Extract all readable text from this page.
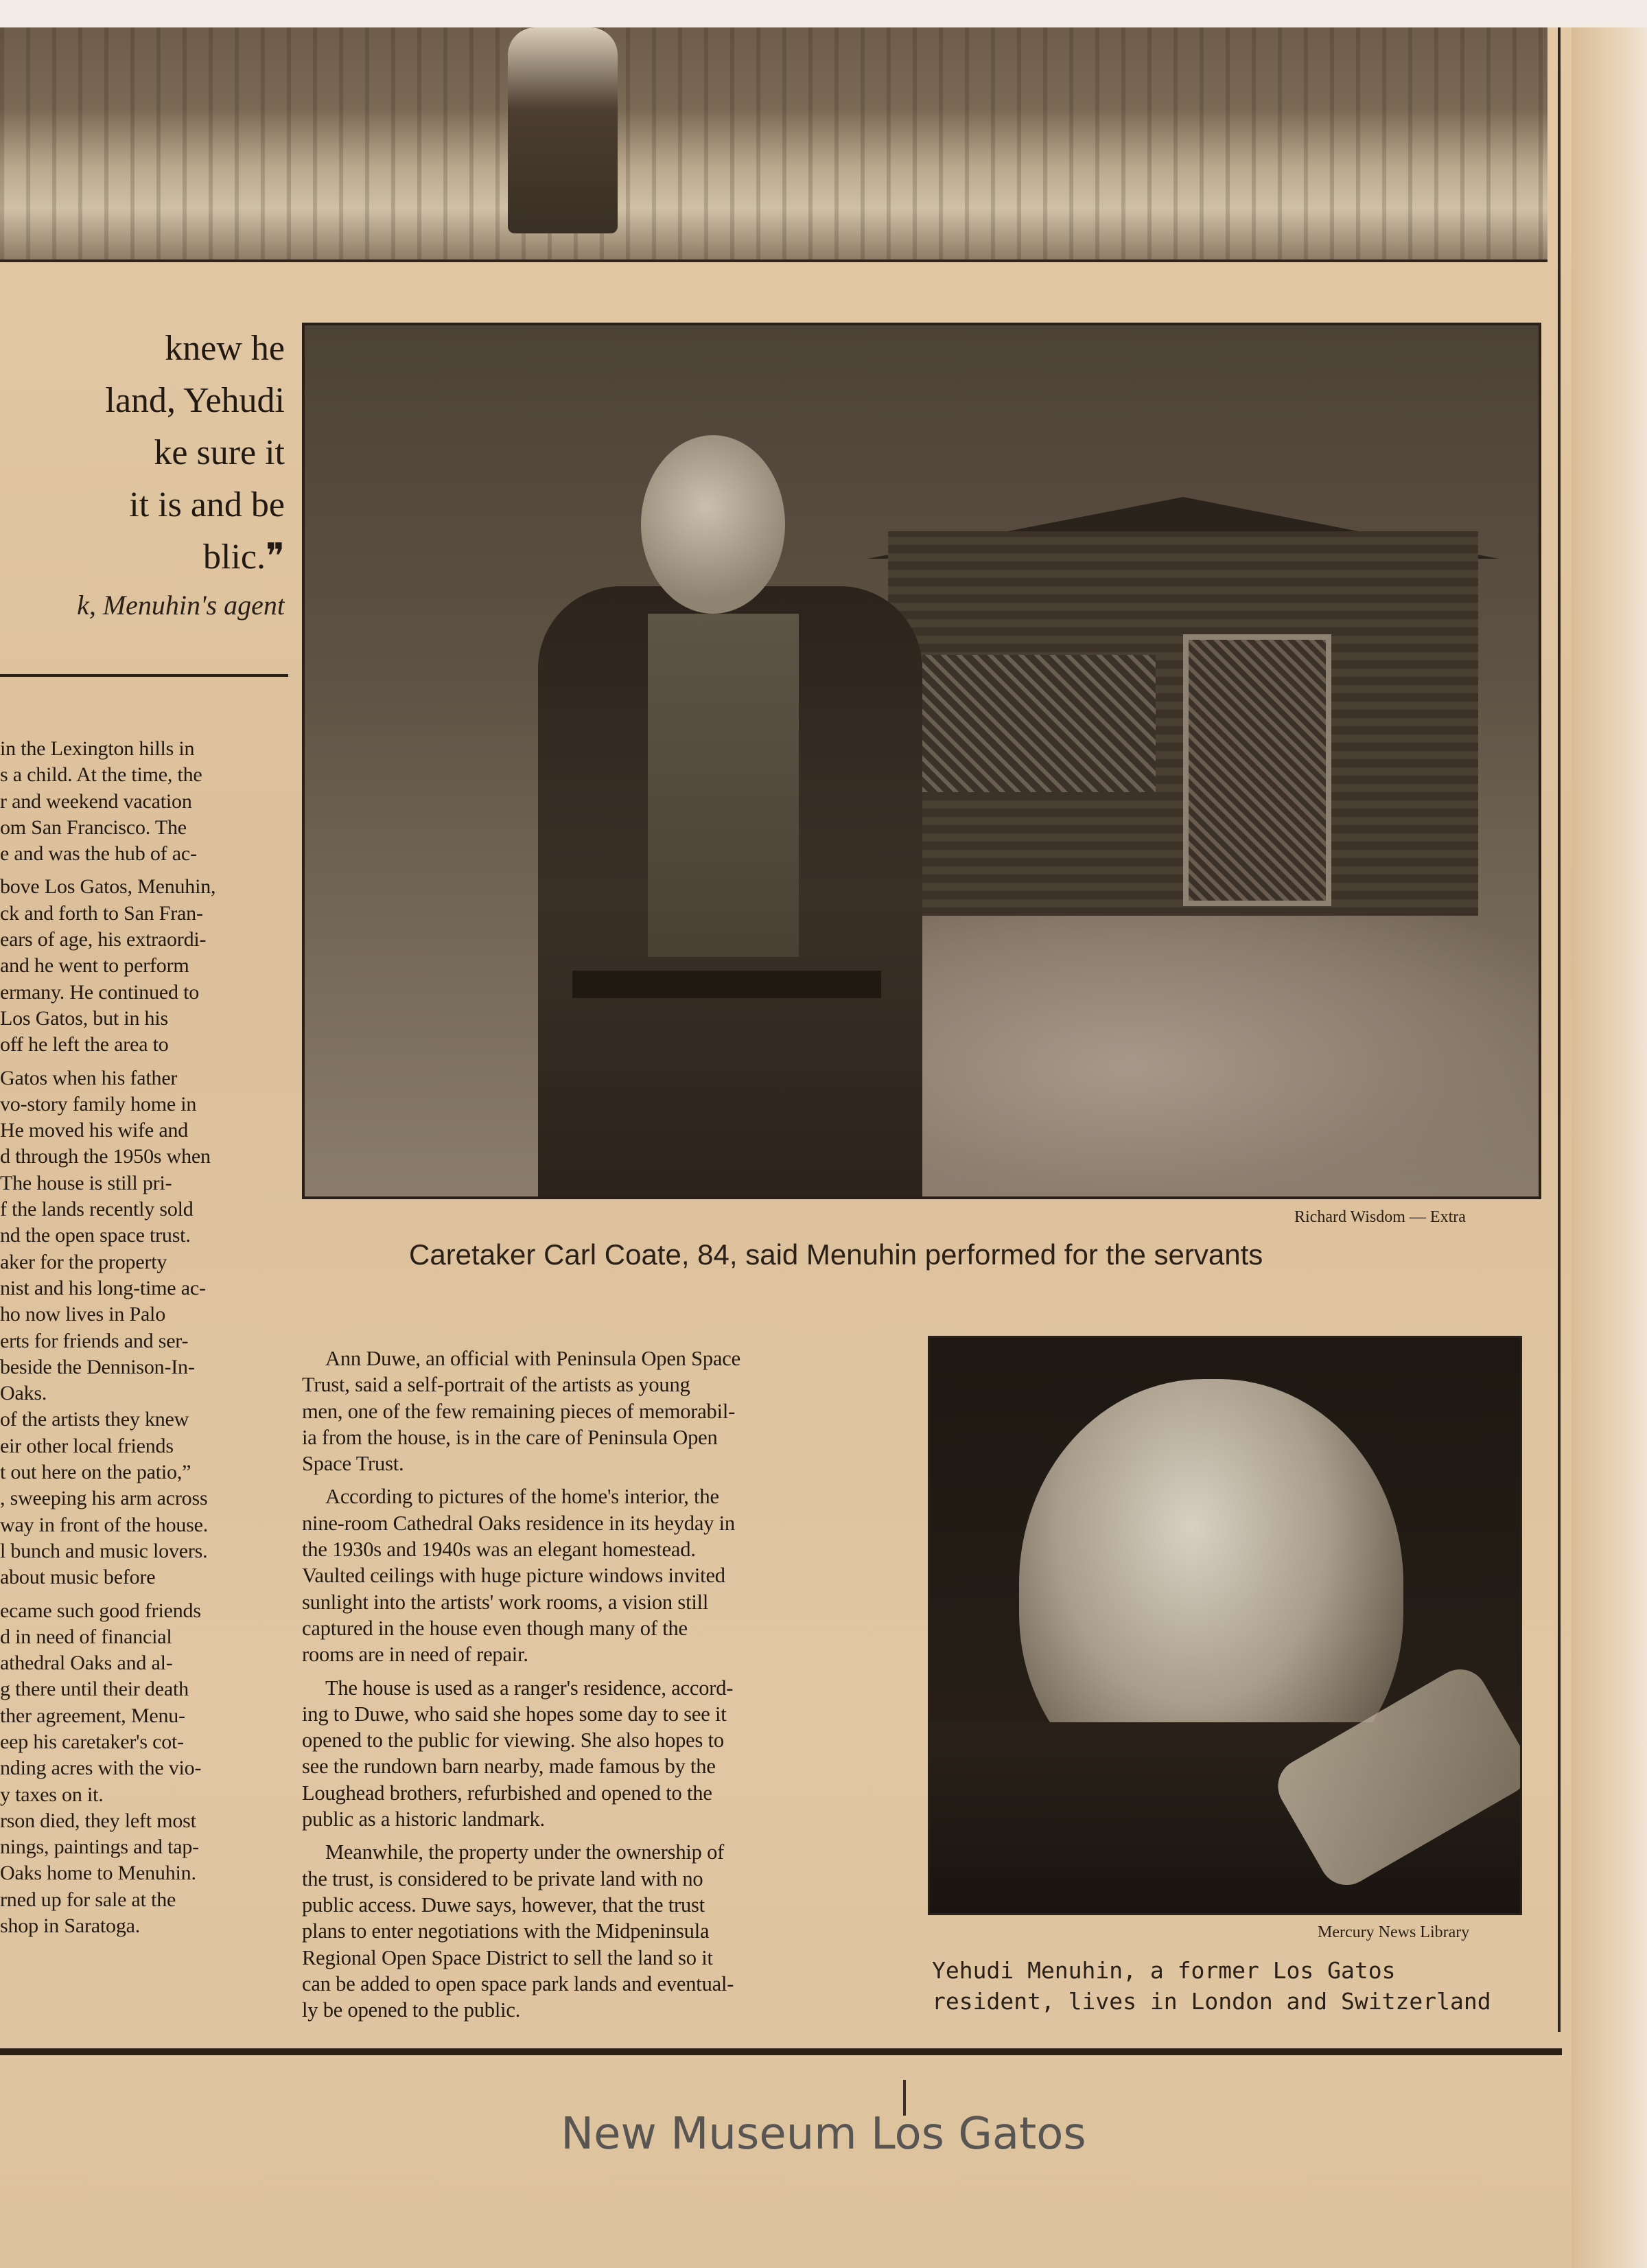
knew he
land, Yehudi
ke sure it
it is and be
blic.❞
k, Menuhin's agent

in the Lexington hills in
s a child. At the time, the
r and weekend vacation
om San Francisco. The
e and was the hub of ac-

bove Los Gatos, Menuhin,
ck and forth to San Fran-
ears of age, his extraordi-
and he went to perform
ermany. He continued to
Los Gatos, but in his
off he left the area to

Gatos when his father
vo-story family home in
He moved his wife and
d through the 1950s when
The house is still pri-
f the lands recently sold
nd the open space trust.
aker for the property
nist and his long-time ac-
ho now lives in Palo
erts for friends and ser-
beside the Dennison-In-
Oaks.
of the artists they knew
eir other local friends
t out here on the patio,”
, sweeping his arm across
way in front of the house.
l bunch and music lovers.
about music before

ecame such good friends
d in need of financial
athedral Oaks and al-
g there until their death
ther agreement, Menu-
eep his caretaker's cot-
nding acres with the vio-
y taxes on it.
rson died, they left most
nings, paintings and tap-
Oaks home to Menuhin.
rned up for sale at the
shop in Saratoga.

Richard Wisdom — Extra
Caretaker Carl Coate, 84, said Menuhin performed for the servants

Ann Duwe, an official with Peninsula Open Space
Trust, said a self-portrait of the artists as young
men, one of the few remaining pieces of memorabil-
ia from the house, is in the care of Peninsula Open
Space Trust.

According to pictures of the home's interior, the
nine-room Cathedral Oaks residence in its heyday in
the 1930s and 1940s was an elegant homestead.
Vaulted ceilings with huge picture windows invited
sunlight into the artists' work rooms, a vision still
captured in the house even though many of the
rooms are in need of repair.

The house is used as a ranger's residence, accord-
ing to Duwe, who said she hopes some day to see it
opened to the public for viewing. She also hopes to
see the rundown barn nearby, made famous by the
Loughead brothers, refurbished and opened to the
public as a historic landmark.

Meanwhile, the property under the ownership of
the trust, is considered to be private land with no
public access. Duwe says, however, that the trust
plans to enter negotiations with the Midpeninsula
Regional Open Space District to sell the land so it
can be added to open space park lands and eventual-
ly be opened to the public.

Mercury News Library
Yehudi Menuhin, a former Los Gatos
resident, lives in London and Switzerland
New Museum Los Gatos
